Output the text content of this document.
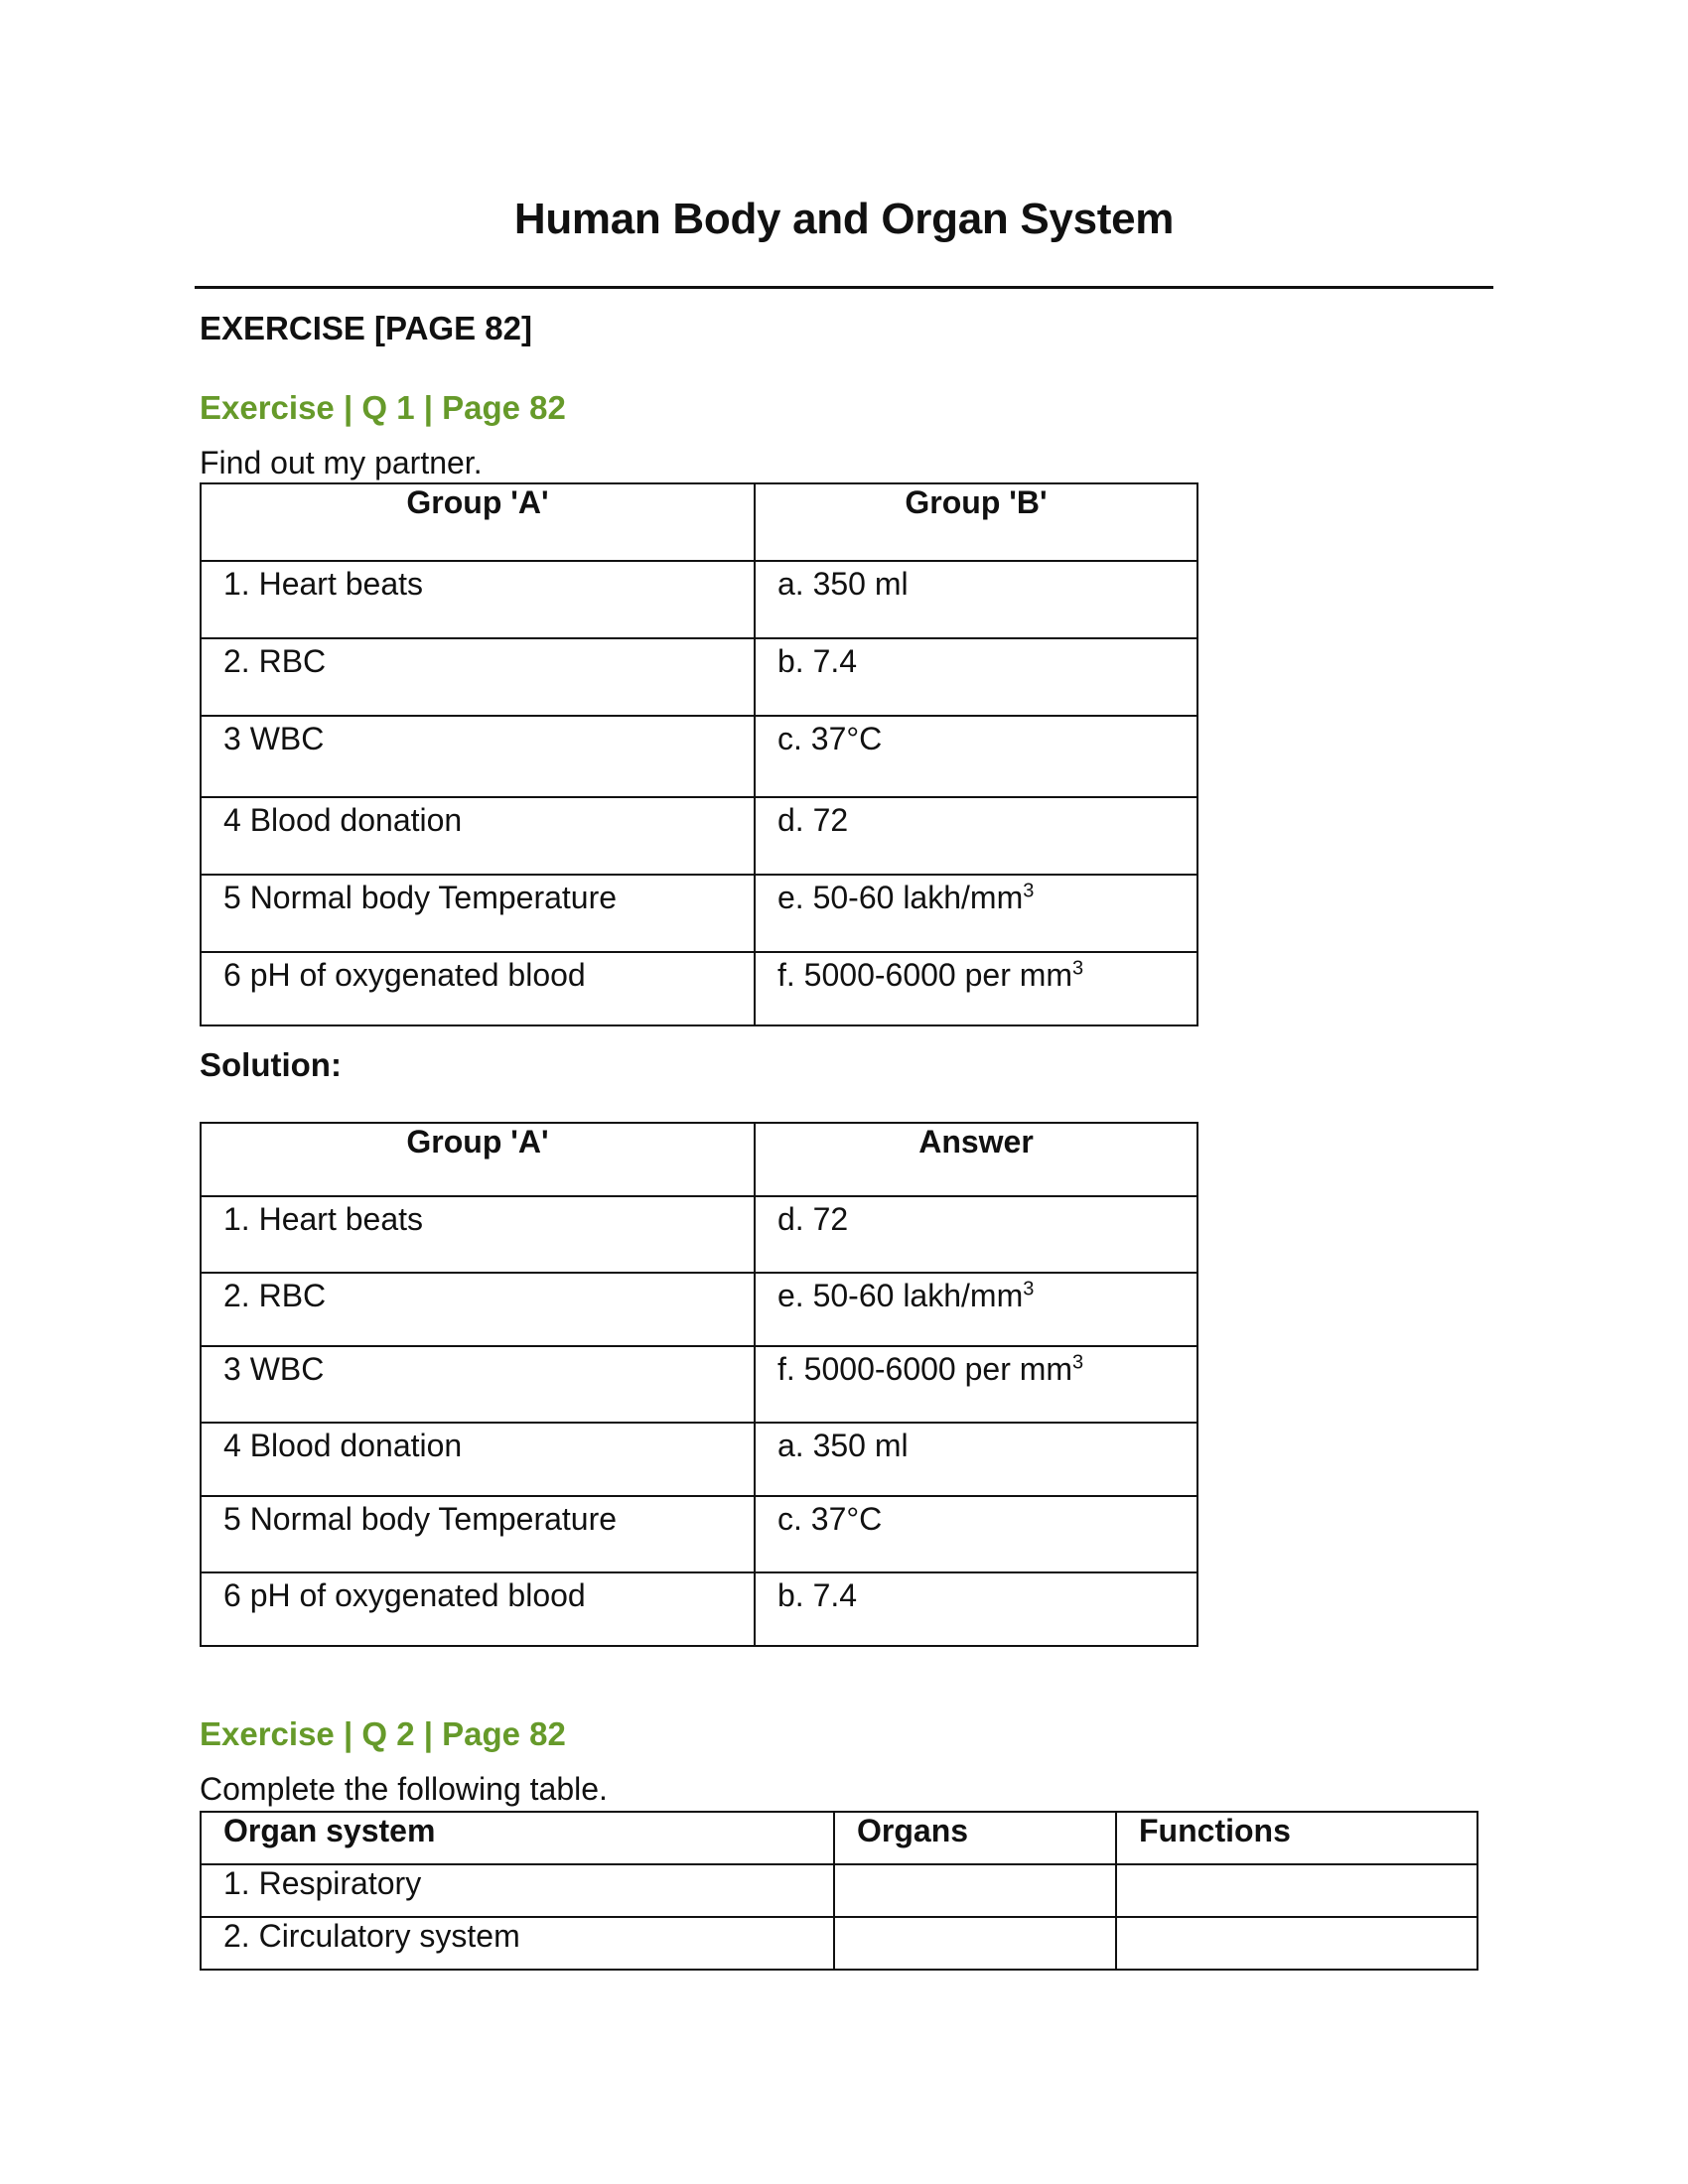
Human Body and Organ System
EXERCISE [PAGE 82]
Exercise | Q 1 | Page 82
Find out my partner.
Group 'A'	Group 'B'
1. Heart beats	a. 350 ml
2. RBC	b. 7.4
3 WBC	c. 37°C
4 Blood donation	d. 72
5 Normal body Temperature	e. 50-60 lakh/$mm^3$
6 pH of oxygenated blood	f. 5000-6000 per $mm^3$
Solution:
Group 'A'	Answer
1. Heart beats	d. 72
2. RBC	e. 50-60 lakh/$mm^3$
3 WBC	f. 5000-6000 per $mm^3$
4 Blood donation	a. 350 ml
5 Normal body Temperature	c. 37°C
6 pH of oxygenated blood	b. 7.4
Exercise | Q 2 | Page 82
Complete the following table.
Organ system	Organs	Functions
1. Respiratory		
2. Circulatory system		
